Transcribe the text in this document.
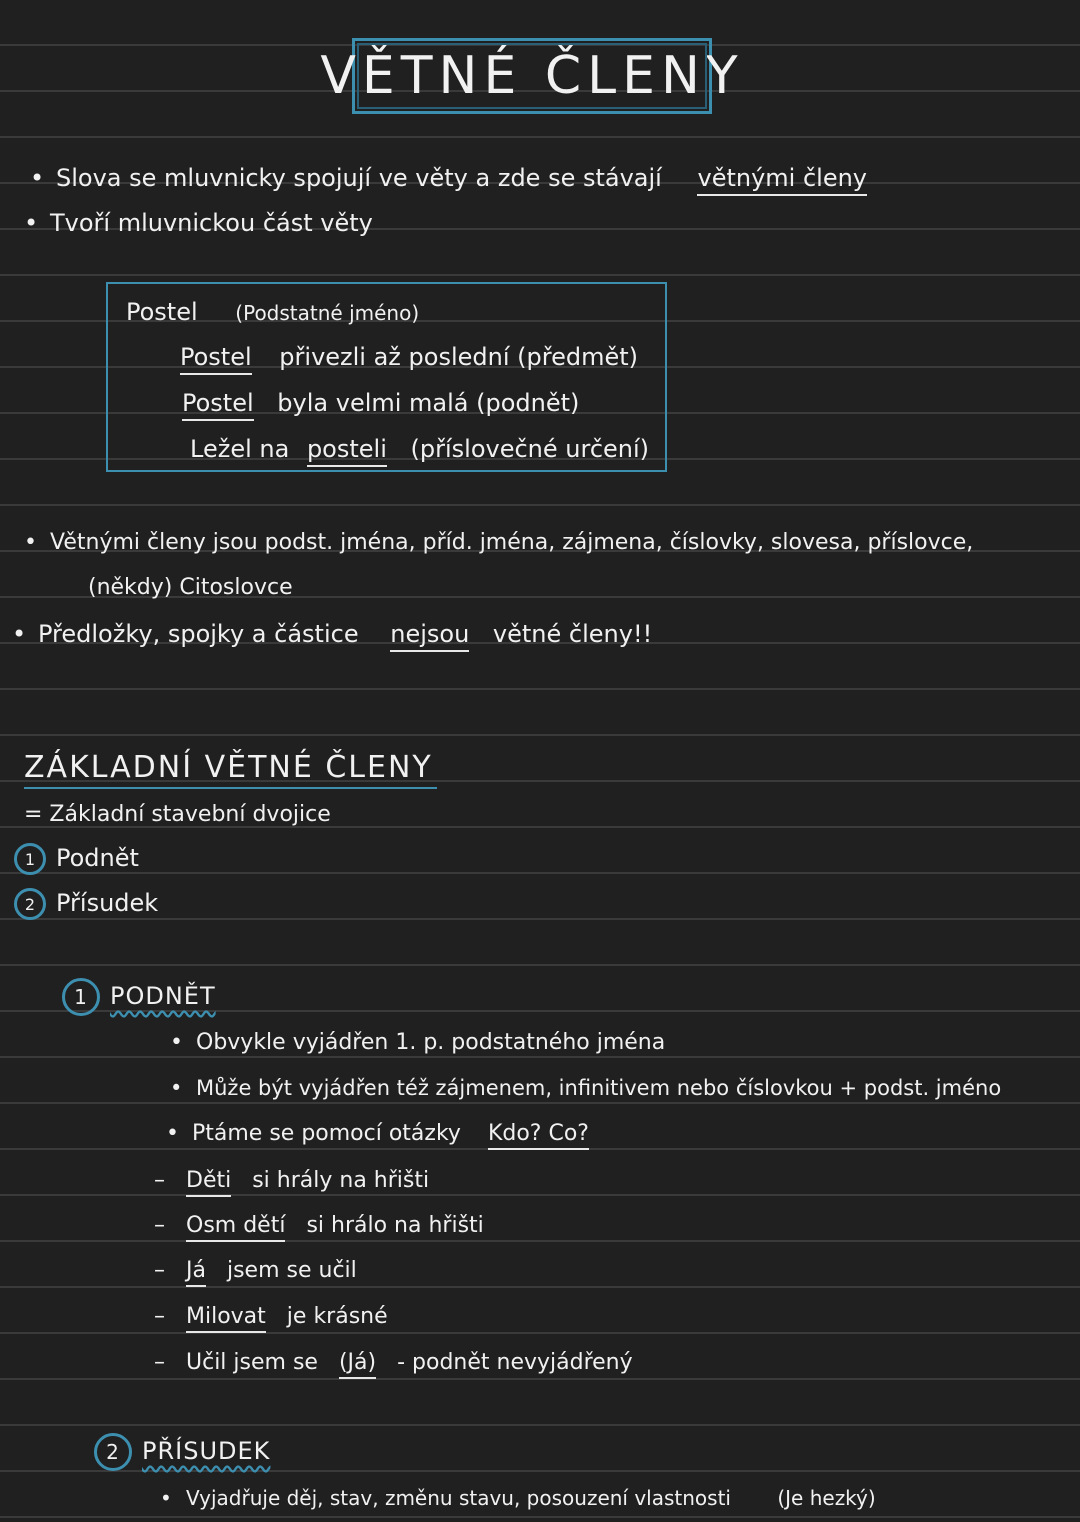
VĚTNÉ ČLENY
• Slova se mluvnicky spojují ve věty a zde se stávají větnými členy
• Tvoří mluvnickou část věty
Postel (Podstatné jméno)
Postel přivezli až poslední (předmět)
Postel byla velmi malá (podnět)
Ležel na posteli (příslovečné určení)
• Větnými členy jsou podst. jména, příd. jména, zájmena, číslovky, slovesa, příslovce,
(někdy) Citoslovce
• Předložky, spojky a částice nejsou větné členy!!
ZÁKLADNÍ VĚTNÉ ČLENY
= Základní stavební dvojice
1 Podnět
2 Přísudek
1 PODNĚT
• Obvykle vyjádřen 1. p. podstatného jména
• Může být vyjádřen též zájmenem, infinitivem nebo číslovkou + podst. jméno
• Ptáme se pomocí otázky Kdo? Co?
– Děti si hrály na hřišti
– Osm dětí si hrálo na hřišti
– Já jsem se učil
– Milovat je krásné
– Učil jsem se (Já) - podnět nevyjádřený
2 PŘÍSUDEK
• Vyjadřuje děj, stav, změnu stavu, posouzení vlastnosti (Je hezký)
